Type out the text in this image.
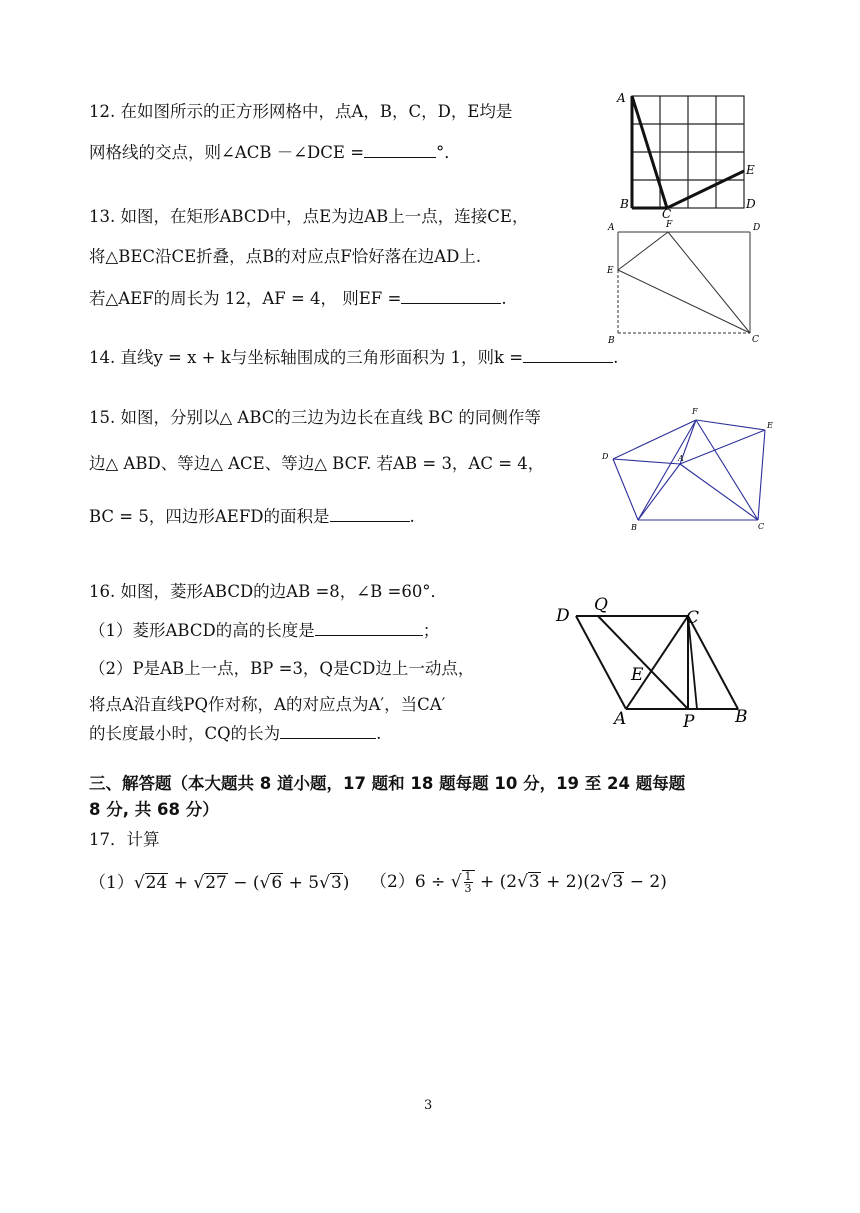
12. 在如图所示的正方形网格中，点A，B，C，D，E均是
网格线的交点，则∠ACB －∠DCE =	°．
A
B
C
D
E
13. 如图，在矩形ABCD中，点E为边AB上一点，连接CE，
将△BEC沿CE折叠，点B的对应点F恰好落在边AD上.
若△AEF的周长为 12，AF = 4， 则EF =	.
A	F	D
E
B	C
14. 直线y = x + k与坐标轴围成的三角形面积为 1，则k =	.
15. 如图，分别以△ ABC的三边为边长在直线 BC 的同侧作等
边△ ABD、等边△ ACE、等边△ BCF. 若AB = 3，AC = 4，
BC = 5，四边形AEFD的面积是	.
F
E
D	A
B	C
16. 如图，菱形ABCD的边AB =8，∠B =60°．
（1）菱形ABCD的高的长度是	；
（2）P是AB上一点，BP =3，Q是CD边上一动点，
将点A沿直线PQ作对称，A的对应点为A′，当CA′
的长度最小时，CQ的长为	.
D
Q
C
E
A	P B
三、解答题（本大题共 8 道小题，17 题和 18 题每题 10 分，19 至 24 题每题
8 分, 共 68 分）
17．计算
（1）√24 + √27 − (√6 + 5√3) （2）6 ÷ √ $\frac{1}{3} + (2√3 + 2)(2√3 - 2)$
3
